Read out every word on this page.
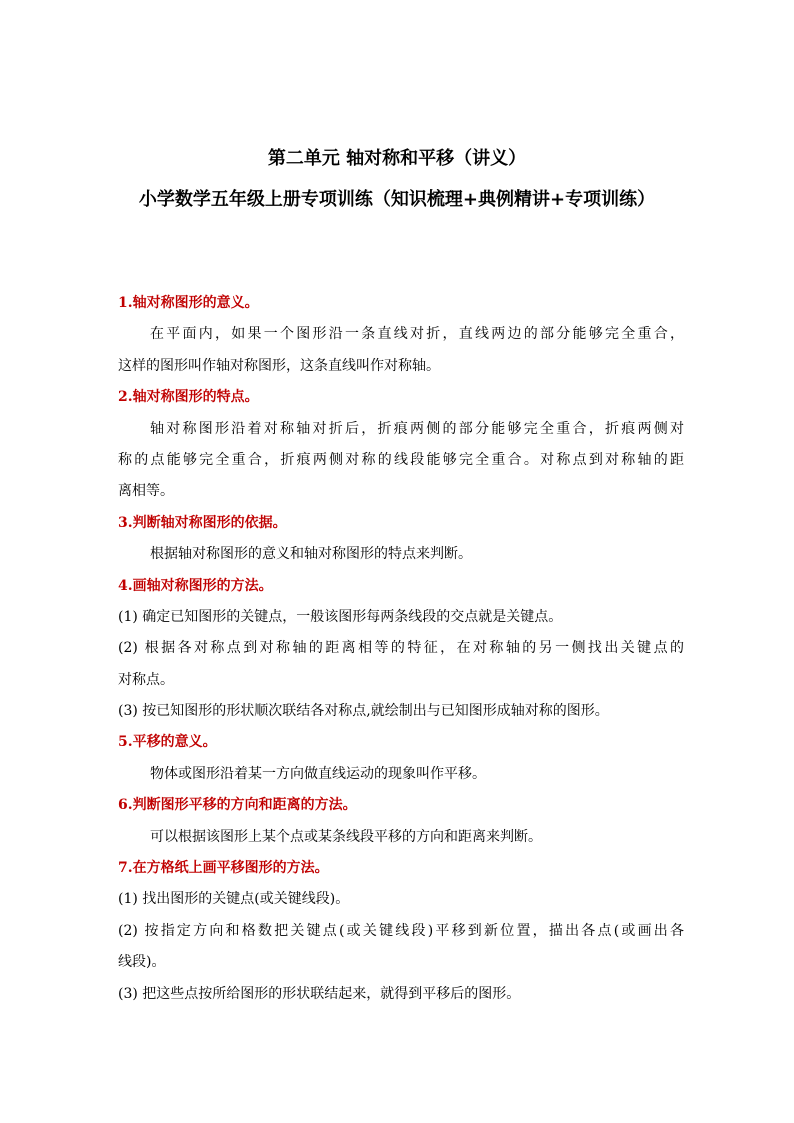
第二单元 轴对称和平移（讲义）
小学数学五年级上册专项训练（知识梳理+典例精讲+专项训练）
1.轴对称图形的意义。
在平面内，如果一个图形沿一条直线对折，直线两边的部分能够完全重合，
这样的图形叫作轴对称图形，这条直线叫作对称轴。
2.轴对称图形的特点。
轴对称图形沿着对称轴对折后，折痕两侧的部分能够完全重合，折痕两侧对
称的点能够完全重合，折痕两侧对称的线段能够完全重合。对称点到对称轴的距
离相等。
3.判断轴对称图形的依据。
根据轴对称图形的意义和轴对称图形的特点来判断。
4.画轴对称图形的方法。
(1) 确定已知图形的关键点，一般该图形每两条线段的交点就是关键点。
(2) 根据各对称点到对称轴的距离相等的特征，在对称轴的另一侧找出关键点的
对称点。
(3) 按已知图形的形状顺次联结各对称点,就绘制出与已知图形成轴对称的图形。
5.平移的意义。
物体或图形沿着某一方向做直线运动的现象叫作平移。
6.判断图形平移的方向和距离的方法。
可以根据该图形上某个点或某条线段平移的方向和距离来判断。
7.在方格纸上画平移图形的方法。
(1) 找出图形的关键点(或关键线段)。
(2) 按指定方向和格数把关键点(或关键线段)平移到新位置，描出各点(或画出各
线段)。
(3) 把这些点按所给图形的形状联结起来，就得到平移后的图形。
